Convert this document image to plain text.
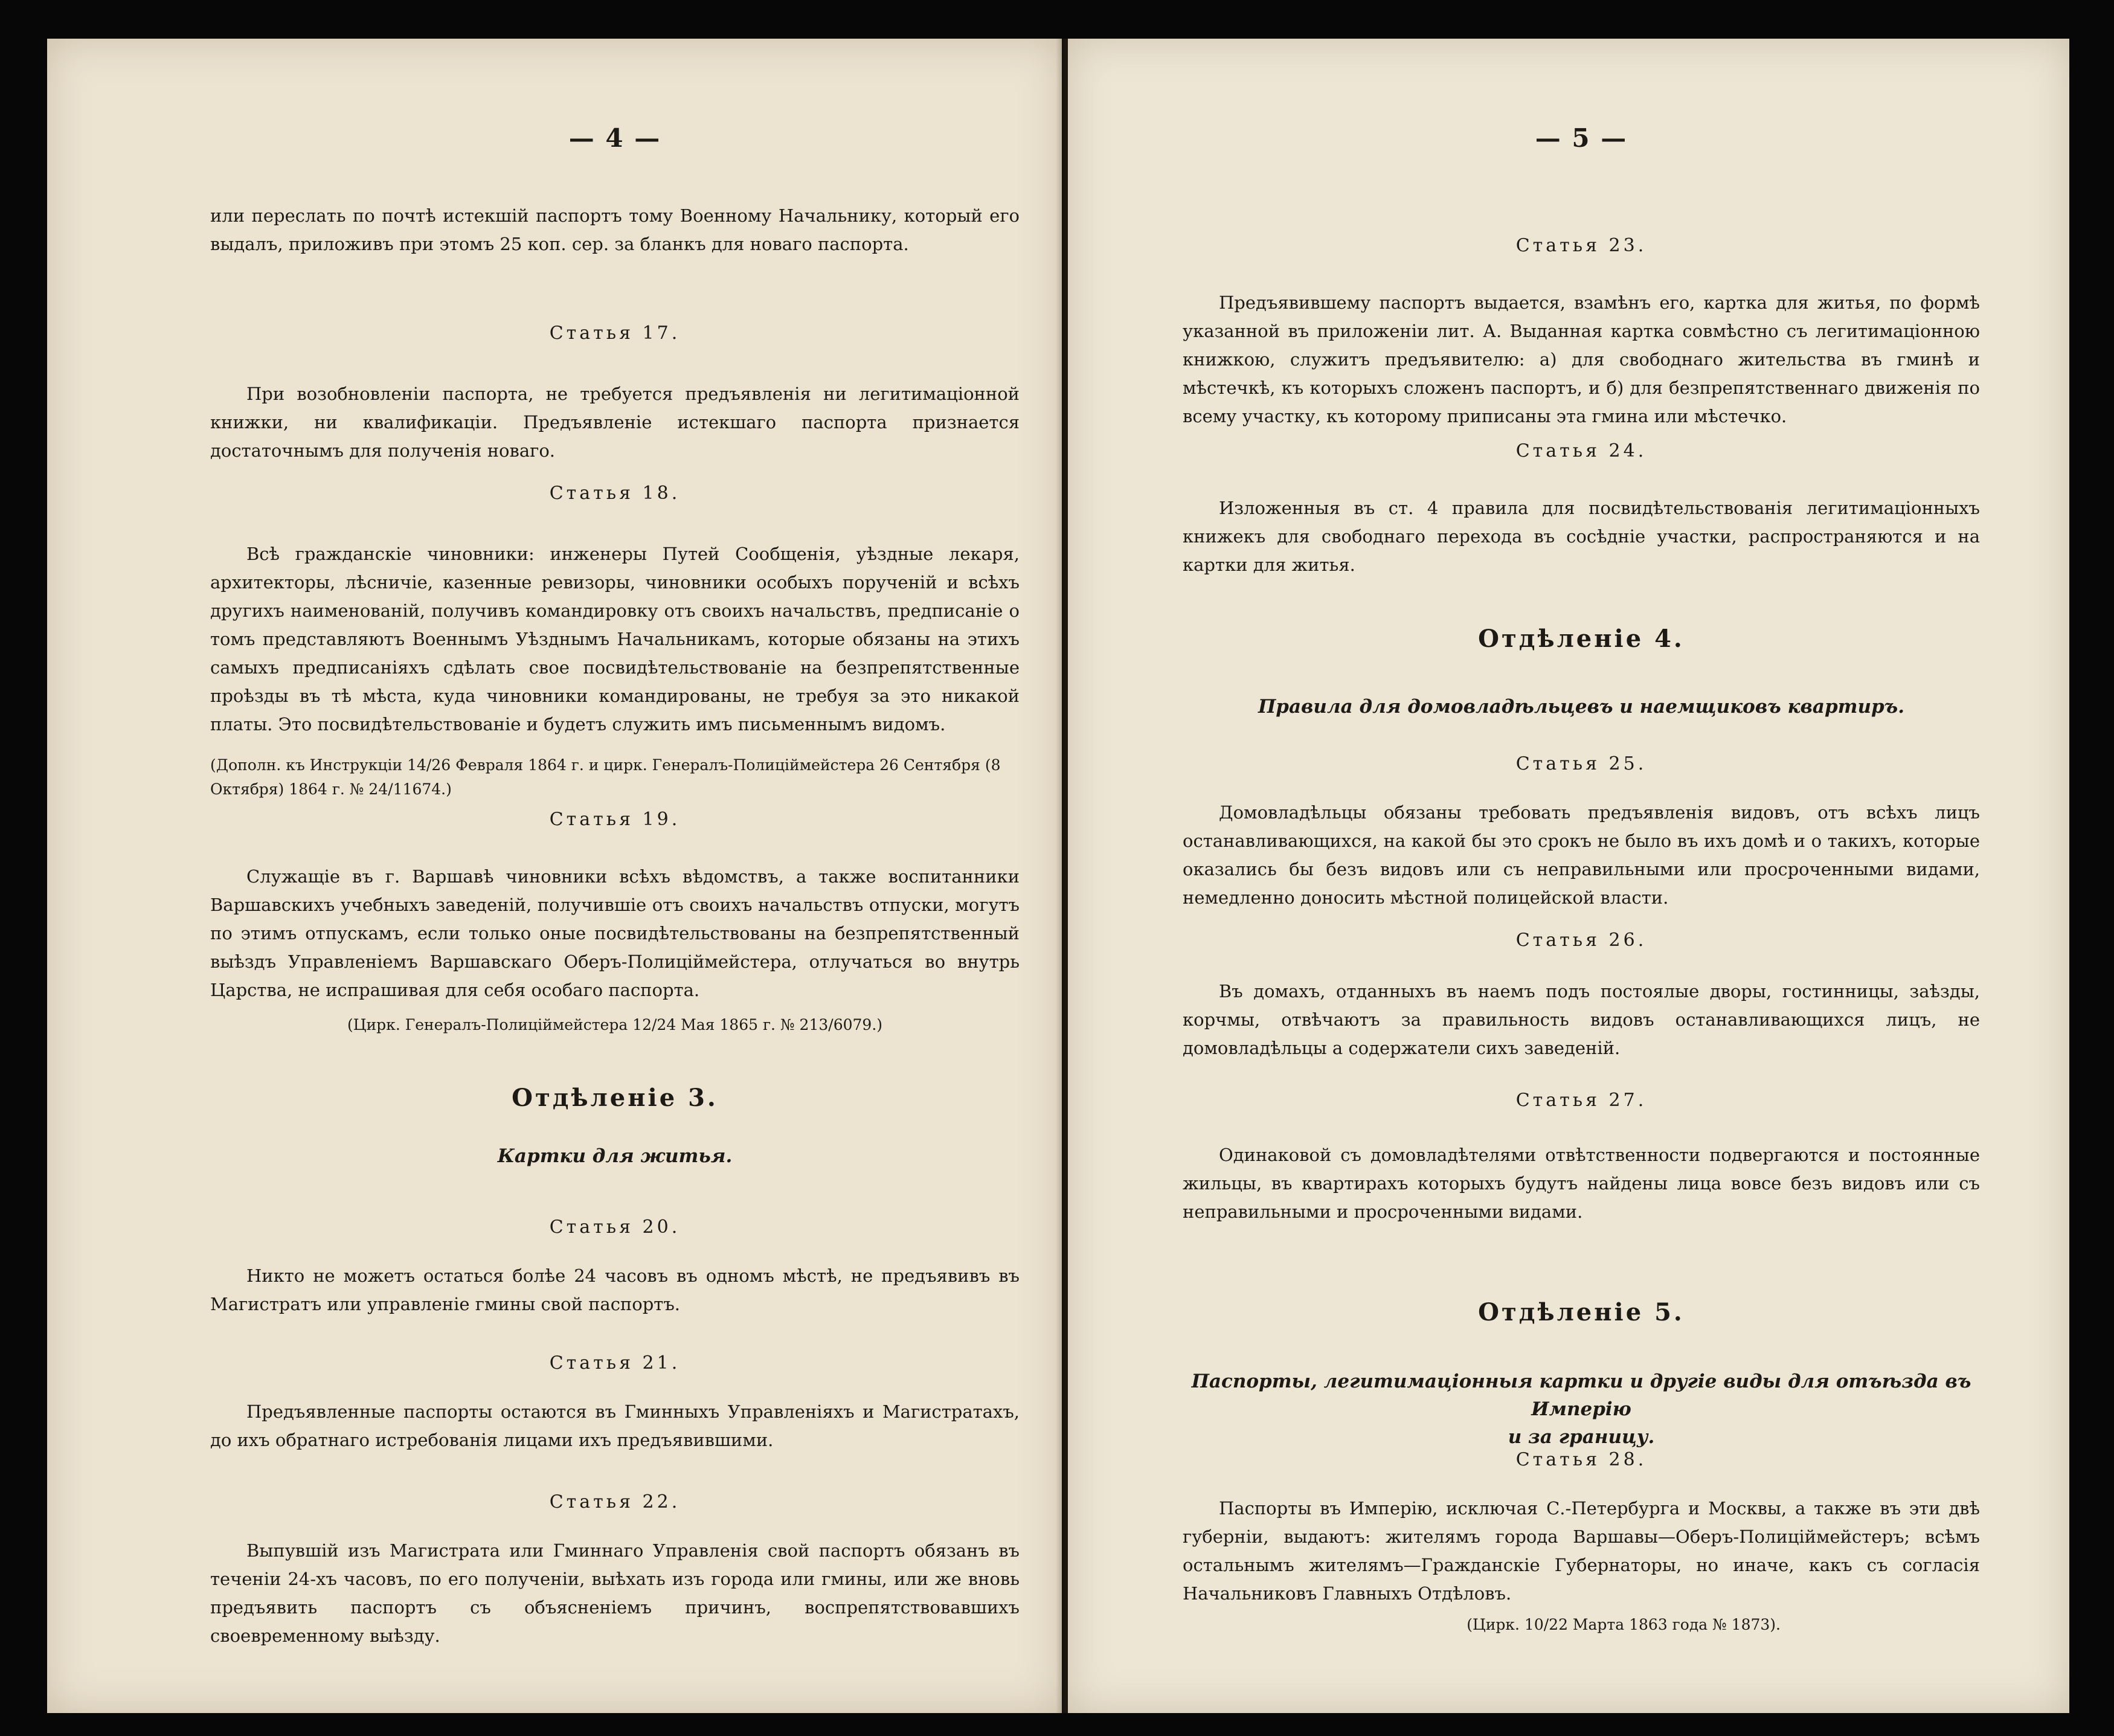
— 4 —

или переслать по почтѣ истекшій паспортъ тому Военному Начальнику, который его выдалъ, приложивъ при этомъ 25 коп. сер. за бланкъ для новаго паспорта.

Статья 17.

При возобновленіи паспорта, не требуется предъявленія ни легитимаціонной книжки, ни квалификаціи. Предъявленіе истекшаго паспорта признается достаточнымъ для полученія новаго.

Статья 18.

Всѣ гражданскіе чиновники: инженеры Путей Сообщенія, уѣздные лекаря, архитекторы, лѣсничіе, казенные ревизоры, чиновники особыхъ порученій и всѣхъ другихъ наименованій, получивъ командировку отъ своихъ начальствъ, предписаніе о томъ представляютъ Военнымъ Уѣзднымъ Начальникамъ, которые обязаны на этихъ самыхъ предписаніяхъ сдѣлать свое посвидѣтельствованіе на безпрепятственные проѣзды въ тѣ мѣста, куда чиновники командированы, не требуя за это никакой платы. Это посвидѣтельствованіе и будетъ служить имъ письменнымъ видомъ.

(Дополн. къ Инструкціи 14/26 Февраля 1864 г. и цирк. Генералъ-Полицiймейстера 26 Сентября (8 Октября) 1864 г. № 24/11674.)

Статья 19.

Служащіе въ г. Варшавѣ чиновники всѣхъ вѣдомствъ, а также воспитанники Варшавскихъ учебныхъ заведеній, получившіе отъ своихъ начальствъ отпуски, могутъ по этимъ отпускамъ, если только оные посвидѣтельствованы на безпрепятственный выѣздъ Управленіемъ Варшавскаго Оберъ-Полицiймейстера, отлучаться во внутрь Царства, не испрашивая для себя особаго паспорта.

(Цирк. Генералъ-Полицiймейстера 12/24 Мая 1865 г. № 213/6079.)

Отдѣленіе 3.

Картки для житья.

Статья 20.

Никто не можетъ остаться болѣе 24 часовъ въ одномъ мѣстѣ, не предъявивъ въ Магистратъ или управленіе гмины свой паспортъ.

Статья 21.

Предъявленные паспорты остаются въ Гминныхъ Управленіяхъ и Магистратахъ, до ихъ обратнаго истребованія лицами ихъ предъявившими.

Статья 22.

Выпувшій изъ Магистрата или Гминнаго Управленія свой паспортъ обязанъ въ теченіи 24-хъ часовъ, по его полученіи, выѣхать изъ города или гмины, или же вновь предъявить паспортъ съ объясненіемъ причинъ, воспрепятствовавшихъ своевременному выѣзду.

— 5 —

Статья 23.

Предъявившему паспортъ выдается, взамѣнъ его, картка для житья, по формѣ указанной въ приложеніи лит. А. Выданная картка совмѣстно съ легитимаціонною книжкою, служитъ предъявителю: а) для свободнаго жительства въ гминѣ и мѣстечкѣ, къ которыхъ сложенъ паспортъ, и б) для безпрепятственнаго движенія по всему участку, къ которому приписаны эта гмина или мѣстечко.

Статья 24.

Изложенныя въ ст. 4 правила для посвидѣтельствованія легитимаціонныхъ книжекъ для свободнаго перехода въ сосѣдніе участки, распространяются и на картки для житья.

Отдѣленіе 4.

Правила для домовладѣльцевъ и наемщиковъ квартиръ.

Статья 25.

Домовладѣльцы обязаны требовать предъявленія видовъ, отъ всѣхъ лицъ останавливающихся, на какой бы это срокъ не было въ ихъ домѣ и о такихъ, которые оказались бы безъ видовъ или съ неправильными или просроченными видами, немедленно доносить мѣстной полицейской власти.

Статья 26.

Въ домахъ, отданныхъ въ наемъ подъ постоялые дворы, гостинницы, заѣзды, корчмы, отвѣчаютъ за правильность видовъ останавливающихся лицъ, не домовладѣльцы а содержатели сихъ заведеній.

Статья 27.

Одинаковой съ домовладѣтелями отвѣтственности подвергаются и постоянные жильцы, въ квартирахъ которыхъ будутъ найдены лица вовсе безъ видовъ или съ неправильными и просроченными видами.

Отдѣленіе 5.

Паспорты, легитимаціонныя картки и другіе виды для отъѣзда въ Имперію

и за границу.

Статья 28.

Паспорты въ Имперію, исключая С.-Петербурга и Москвы, а также въ эти двѣ губерніи, выдаютъ: жителямъ города Варшавы—Оберъ-Полицiймейстеръ; всѣмъ остальнымъ жителямъ—Гражданскіе Губернаторы, но иначе, какъ съ согласія Начальниковъ Главныхъ Отдѣловъ.

(Цирк. 10/22 Марта 1863 года № 1873).
